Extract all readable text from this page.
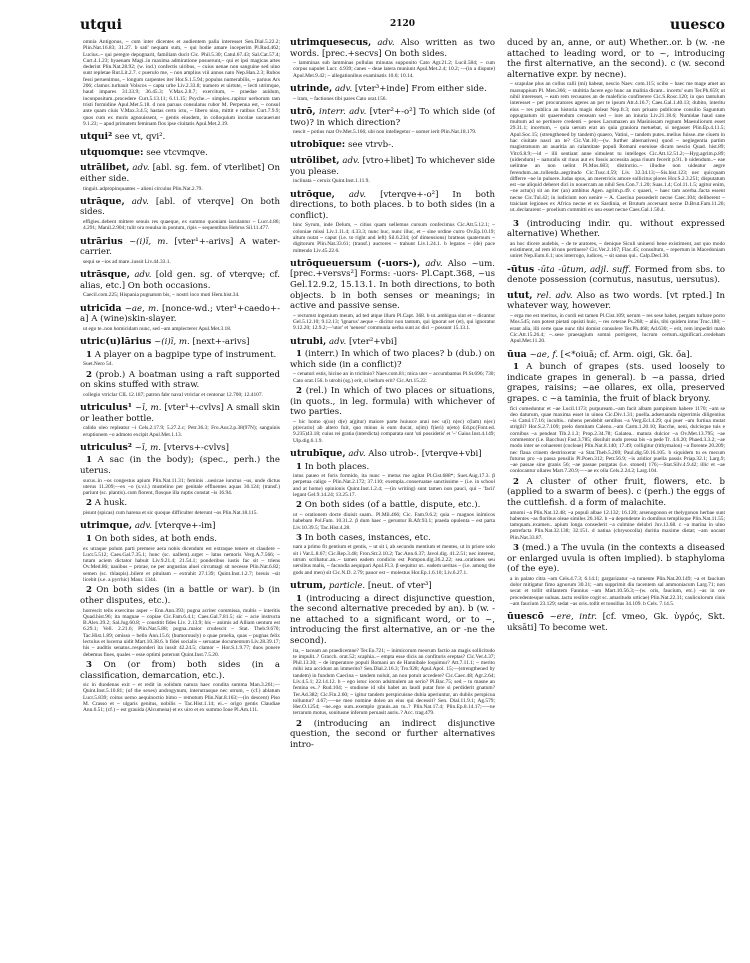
utqui	2120	uuesco
omnia Antigonus, ~ cum inter dicentes et audientem palla interesset Sen.Dial.5.22.2; Plin.Nat.16.83; 31.27. b sati' nequam sum, ~ qui hodie amare inceperim Pl.Rud.462; Lucius..~ qui peregre depugnarit, familiam ducit Cic. Phil.5.30; Catul.67.43; Sal.Cat.57.4; Curt.4.1.23; hyaenam Magi..in maxima admiratione posuerunt,~ qui et ipsi magicas artes dederint Plin.Nat.28.92; (w. ind.) confectis uiribus, ~ cuius uenae non sanguine sed uino sunt repletae Rut.Lit.2.7. c puerulo me, ~ non amplius viii annos nato Nep.Han.2.3; Rubos fessi peruenimus, ~ longum carpentes iter Hor.S.1.5.94; populus numerabilis, ~ paruus Ars 206; clamor..turbauit Volscos ~ capta urbe Liv.2.33.8; numero et uirtute, ~ lecti utrimque, haud impares 31.33.9; 36.45.3; V.Max.2.8.7; exercitum, ~ praedae auidum, inconpositum..procedere Curt.5.13.11; 6.11.15; Psyche..~ simplex..rapitur uerborum tam tristi formidine Apul.Met.5.18. d non paruus consulatus rubor M. Perpenna est, ~ consul ante quam ciuis V.Max.3.4.5; hastas certo ictu, ~ libero nisu, mittit e ratibus Curt.7.9.9; quos cum ex muris agnouissent, ~ gentis eiusdem, in colloquium incolae uocauerunt 9.1.23; ~ apud primatem feminam flos ipse ciuitatis Apul.Met.2.19.
utqui² see vt, qvi².
utquomque: see vtcvmqve.
utrālibet, adv. [abl. sg. fem. of vterlibet] On either side.
tinguit..adpropinquantes ~ alieni circulus Plin.Nat.2.79.
utrāque, adv. [abl. of vterqve] On both sides.
effigies..debent mittere senuis res quaeque, ex summo quoniam iaculantur ~ Lucr.4.86; 4.291; Manil.2.904; tulit ora reuulsa in pontum, ripis ~ sequentibus Hebrus Sil.11.477.
utrārius ~(i)ī, m. [vter¹+-arivs] A water-carrier.
sequi se ~ios ad mare..iussit Liv.44.33.1.
utrāsque, adv. [old gen. sg. of vterqve; cf. alias, etc.] On both occasions.
Caecil.com.225; Hispania pugnatum bis, ~ nostri loco moti Hem.hist.34.
utricīda ~ae, m. [nonce-wd.; vter¹+caedo+-a] A (wine)skin-slayer.
ut ego te..non homicidam nunc, sed ~am amplecterer Apul.Met.3.18.
utric(u)lārius ~(i)ī, m. [next+-arivs]
1 A player on a bagpipe type of instrument.
Suet.Nero 54.
2 (prob.) A boatman using a raft supported on skins stuffed with straw.
collegio vtriclar CIL 12.187; patron fabr naval vtriclar et centonar 12.700; 12.4107.
utriculus¹ ~ī, m. [vter¹+-cvlvs] A small skin or leather bottle.
calido oleo repleatur ~i Cels.2.17.9; 5.27.2.c; Petr.36.3; Fro.Aur.2.p.38(97N); sanguinis eruptionem ~o admoto excipit Apul.Met.1.13.
utriculus² ~ī, m. [vtervs+-cvlvs]
1 A sac (in the body); (spec., perh.) the uterus.
sucus..in ~os congestus apium Plin.Nat.11.31; feminis ..uesicae iunctus ~us, unde dictus uterus 11.209;—ex ~o (s.v.l.) mustelino per genitale effluentes aquas 30.124; (transf.) pariunt (sc. plantis)..cum florent, flosque illa ruptis constat ~is 16.94.
2 A husk.
pisunt (spicas) cum harena et sic quoque difficulter deterunt ~os Plin.Nat.18.115.
utrimque, adv. [vterqve+-im]
1 On both sides, at both ends.
ex utraque polum parti premere aera nobis dicendum est extraque tenere et claudere ~ Lucr.5.512; Caes.Gal.7.35.1; hunc (sc. uallem)..urget ~ latus nemoris Verg.A.7.566; ~ tutam aciem dictator habuit Liv.9.21.4; 21.54.1; ponderibus iustis fac sit ~ triens Ov.Med.86; nauibus ~ prorae, ne per angustias alueí circumagi sit necesse Plin.Nat.6.82; semen (sc. thlaspis)..bilem et pituitam ~ extrahit 27.139; Quint.Inst.1.2.7; breuis ~sit licebit (s.e. a pyrrhic) Maur. 1344.
2 On both sides (in a battle or war). b (in other disputes, etc.).
horrescit telis exercitus asper ~ Enn.Ann.393; pugna acriter commissa, multis ~ interitis Quad.hist.96; ita magnae ~ copiae Cic.Fam.6.4.1; Caes.Gal.7.81.5; sic ~ acie instructa B.Alex.39.2; Sal.Jug.60.8; ~ constitit fides Liv. 2.13.9; his ~ animis ad Alliam uentum est 6.29.1; Vell. 2.21.6; Plin.Nat.5.88; pugna..maior crudescit ~ Stat. Theb.9.670; Tac.Hist.1.89; omisso ~ bello Ann.15.6; (humorously) o quae proelia, quas ~ pugnas felix lectulus et lucerna uidit Mart.10.38.6. b fidei socialis ~ seruatae documentum Liv.28.39.17; his ~ auditis senatus..responderi ita iussit 42.24.5; clamor ~ Hor.S.1.9.77; duos ponere debemus fines, quales ~ esse optimi poterunt Quint.Inst.7.5.20.
3 On (or from) both sides (in a classification, demarcation, etc.).
sic in duodenas exit ~ et redit in solidum natura haec condita summa Man.3.261;—Quint.Inst.5.10.81; (of the sexes) androgynum, interutrasque nec utrum, ~ (cf.) ablatum Lucr.5.839; coitus uerno aequinoctio bimo ~ remotum Plin.Nat.8.163;—(in descent) Piso M. Crasso et ~ ulgaris genitus, nobilis ~ Tac.Hist.1.14; ei..~ origo gentis Claudiae Ann.6.51; (cf.) ~ est grauida (Alcumena) et ex uiro et ex summo Ioue Pl.Am.111.
utrimquesecus, adv. Also written as two words. [prec.+secvs] On both sides.
~ lamminas sub lamminas pollulas minutas supponito Cato Agr.21.2; Lucil.584; ~ cum corpus uapulet Lucr. 4.939; canes ~ deae latera muniunt Apul.Met.2.4; 10.2; —(in a dispute) Apul.Met.9.42; ~ allegationibus examinatis 10.6; 10.14.
utrinde, adv. [vter³+inde] From either side.
~ iram, ~ factiones tibi pares Cato orat.156.
utrō, interr. adv. [vter²+-o²] To which side (of two)? in which direction?
nescit ~ potius ruat Ov.Met.5.166; ubi non intellegetur ~ uomer ierit Plin.Nat.18.179.
utrobīque: see vtrvb-.
utrōlibet, adv. [vtro+libet] To whichever side you please.
inclinata ~ ceruix Quint.Inst.1.11.9.
utrōque, adv. [vterqve+-o²] In both directions, to both places. b to both sides (in a conflict).
hinc Syrum, inde Delum, ~ citius quam uellemus cursum confecimus Cic.Att.5.12.1; ~ coloniae missi Liv.1.11.4; 4.33.3; nunc huc, nunc illuc, et ~ sine ordine curro Ov.Ep.10.19; altum nutat ~ caput (i.e. to right and left) Sil.6.234; (of dimensions) bratteas quaternum ~ digitorum Plin.Nat.33.61; (transf.) auctores ~ trahunt Liv.1.24.1. b legatos ~ (de) pace mittendo Liv.45.22.6.
utrōqueuersum (-uors-), adv. Also ~um. [prec.+versvs²] Forms: -uors- Pl.Capt.368, ~us Gel.12.9.2, 15.13.1. In both directions, to both objects. b in both senses or meanings; in active and passive sense.
~ rectumst ingenium meum, ad ted atque illum Pl.Capt. 368. b ut..ambigua sint et ~ dicantur Gel.5.12.10; 9.12.13; 'ignarus' aeque ~ dicitur non tantum, qui ignorat set (et), qui ignoratur 9.12.20; 12.9.2;—'utor' et 'ueneor' communia uerba sunt ac dici ~ possunt 15.13.1.
utrubi, adv. [vter²+vbi]
1 (interr.) In which of two places? b (dub.) on which side (in a conflict)?
~ cenaturi estis, hicine an in triclinio? Naev.com.81; mica uter ~ accumbamus Pl.St.696; 730; Cato orat.156. b utrobi (sg.) erit, si bellum erit? Cic.Att.15.22.
2 (rel.) In which of two places or situations, (in quots., in leg. formula) with whichever of two parties.
~ hic homo q(uo) d(e) a(gitur) maiore parte huiusce anni nec u(i) n(ec) c(lam) n(ec) p(recario) ab altero fuit, quo minus is eum ducat, u(im) f(ieri) u(eto) Ed.pr.(Font.ed. 9.235)43.18; cuius rei gratia (interdicta) comparata sunt 'uti possidetis' et '~' Gaius Inst.4.149; Ulp.dig.6.1.9.
utrubīque, adv. Also utrob-. [vterqve+vbi]
1 In both places.
intus paueo et foris formido, ita nunc ~ metus me agitat Pl.Cist.688*; Suet.Aug.17.3. β perpetua caligo ~ Plin.Nat.2.172; 37.110; exempla..conseruatae sanctissime ~ (i.e. in school and at home) opinionis Quint.Inst.1.2.4; —(in writing) sunt tamen non pauci, qui ~ 'facii' legant Gel.9.14.24; 13.25.17.
2 On both sides (of a battle, dispute, etc.).
ut ~ orationem docte diuisit suam.. Pl.Mil.466; Cic. Fam.9.6.2; quia ~ magnos inimicos habebam Pol.Fam. 10.31.2. β dum haec ~ geruntur B.Afr.93.1; praeda opulenta ~ est parta Liv.10.39.5; Tac.Hist.4.28.
3 In both cases, instances, etc.
nam a primo fit gentium et gentis, ~ ut sit i, ab secundo mentium et mentes, ut in priore solo sit i Var.L.8.67; Cic.Rep.3.48; Fron.Str.2.10.2; Tac.Ann.6.37; Javol.dig. 41.2.51; nec interest, utrum scribatur..an..~ tamen eadem condicio est Pompon.dig.36.2.22; sea..orationes seu uersibus malis, ~ facundia aequipari Apul.Fl.3. β sequitur ut.. eadem ueritas ~ (i.e. among the gods and men) sit Cic.N.D. 2.79; pauor est ~ molestus Hor.Ep.1.6.10; Liv.6.27.1.
utrum, particle. [neut. of vter³]
1 (introducing a direct disjunctive question, the second alternative preceded by an). b (w. -ne attached to a significant word, or to ~, introducing the first alternative, an or -ne the second).
ita, ~ taceam an praedicemne? Ter.Eu.721; ~ inimicorum meorum factio an magis sollicitudo te impulit..? Gracch. orat.52; scaphia..~ empta esse dicis an confituris ereptas? Cic.Ver.4.37; Phil.13.30; ~ de imperatore populi Romani an de Hannibale loquimur? Att.7.11.1; ~ merito mihi ista accidunt an immerito? Sen.Dial.2.16.3; Tro.928; Apul.Apol. 15;—(strengthened by tandem) in fundum Caecina ~ tandem noluit, an non potuit accedere? Cic.Caec.48; Agr.2.64; Liv.4.5.1; 22.14.12. b ~ ego istuc iocon adsimulem an serio? Pl.Bac.75; sed ~ tu masne an femina es..? Rud.104; ~ studione id sibi habet an laudi putat fore si perdiderit gnatum? Ter.Ad.382; Cic.Fin.2.60; ~ igitur tandem perspicuisne dubia aperiuntur, an dubiis perspicua tolluntur? 4.67;—~ne meo nomine doleo an eius qui decessit? Sen. Dial.11.9.1; Ag.579; Her.O.1254; ~ne..ego sum..exemplo grauis..an tu..? Plin.Nat.17.4; Plin.Ep.8.14.17;—~ne terrarum motus, sonitusne inferum peruasit auris..? Acc. trag.479.
2 (introducing an indirect disjunctive question, the second or further alternatives intro-
duced by an, anne, or aut) Whether..or. b (w. -ne attached to leading word, or to ~, introducing the first alternative, an the second). c (w. second alternative expr. by necne).
~ scapulae plus an collus calli (mi) habeat, nescio Naev. com.115; scibo ~ haec me mage amet an marsuppium Pl. Men.366; ~ stultitia facere ego hunc an malitia dicam.. incertu' sum Ter.Ph.659; ut nihil interesset, ~ eam rem recusares an de maleficio confiterere Cic.S.Rosc.120; in quo tantulum interesset ~ per procuratores ageres an per te ipsum Att.4.16.7; Caes.Gal.1.40.13; dubito, interitu eius ~ res publica an historia magis doleat Nep.fr.3; non priuato publicone consilio Saguntum oppugnatum sit quaerendum censeam sed ~ iure an iniuria Liv.21.18.6; Numidae haud sane multum ad se pertinere credenti ~ penes Lacumazen an Masinissam regnum Maesuliorum esset 29.31.1; incertum, ~ quia uerum erat an quia grauiora metuebat, si negasset Plin.Ep.4.11.5; Apul.Soc.15; (strengthened by tandem) quaero, Vatini, ~ tandem putes..melius fuisse..me ciuem in hac ciuitate nasci an te? Cic.Vat.10;—(w. further alternatives) quod ~ neglegentia partim magistratuum an auaritia an calamitate populi Romani euenisse dicam nescio Quad. hist.89; Vitr.6.8.9;—id ~ illi sentiant anne simulent tu intelleges Cic.Att.12.51.2;—Hyg.agrim.p.89; (uidendum) ~ naturalis sit riuus aut ex fossis accessita aqua riuum fecerit p.91. b uidendum..~ eae uelintne an non uelint Pl.Mos.683; distinctio..~ illudne non uideatur aegre ferendum..an..tollenda..aegritudo Cic.Tusc.4.59; Liv. 32.34.13;—Sis.hist.123; nec quicquam differre ~ne in puluere..ludas opus, an meretricis amore sollicitus plores Hor.S.2.3.251; disputatum est ~ne aliquid deberet dici in nouercam an nihil Sen.Con.7.1.20; Suas.1.4; Col.11.1.5; agitur enim, ~ne actu(s) sit an iter (an) ambitus Agen. agrim.p.49. c quaeri, ~ haec tam acerba..facta essent necne Cic.Tul.42; in iudicium non uenire ~ A. Caecina possederit necne Caec.104; deliberent ~ traiciant legiones ex Africa necne et ex Sardinia, et Brutum accersant necne D.Brut.Fam.11.26; ut..declararent ~ proelium committi ex usu esset necne Caes.Gal.1.50.4.
3 (introducing indir. qu. without expressed alternative) Whether.
an hoc dicere audebis, ~ de te aratores, ~ denique Siculi uniuersi bene existiment, aut quo modo existiment, ad rem id non pertinere? Cic.Ver.2.167; Flac.45; consultum, ~ repertum in Macedoniam uniret Nep.Eum.6.1; uos interrogo, iudices, ~ sit sanus qui.. Calp.Decl.30.
-ūtus -ūta -ūtum, adjl. suff. Formed from sbs. to denote possession (cornutus, nasutus, uersutus).
utut, rel. adv. Also as two words. [vt rpted.] In whatever way, however.
~ erga me est meritus, in cordi est tamen Pl.Cist.109; uerum ~ res sese habet, pergam turbare porro Mos.545; non potest pietati opsisti huic, ~ res ceterae Ps.268; ~ aliis, tibi quidem intus Truc.188; ~ erant alia, illi certe quae nunc tibi domist consulere Ter.Ph.468; Ad.630; ~ erit, rem impediri malo Cic.Att.15.26.4; ~..sese praesagium somni porrigeret, lucrum certum..significari..credebam Apul.Met.11.20.
ūua ~ae, f. [<*oiuā; cf. Arm. oigi, Gk. őa].
1 A bunch of grapes (sts. used loosely to indicate grapes in general). b ~a passa, dried grapes, raisins; ~ae ollares, ex olla, preserved grapes. c ~a taminia, the fruit of black bryony.
fici comeduntur et ~ae Lucil.1173; purpuream..~am facit albam pampinum habere 1170; ~am se deo daturum, quae maxima esset in uinea Cic.Div.1.31; puella..adseruanda nigerrimis diligentius ~is Catul.17.16; incultis.. rubens pendebit sentibus ~a Verg.Ecl.4.29; qui puer ~am furtiua mutat strigili? Hor.S.2.7.109; prelo domitam Caleno..~am Carm.1.20.10; Bacche, ueni, dulcisque tuis e cornibus ~a pendeat Tib.2.1.3; Prop.2.34.78; Galatea.. matura dulcior ~a Ov.Met.13.795; ~ae commentor (i.e. Bacchus) Fast.3.785; dissiluit nudo pressa bis ~a pede Tr. 4.6.20; Phaed.3.3.2; ~ae modo inter se cohaerent (cocleae) Plin.Nat.8.140; 17.49; colligitur (tithymalon) ~a florente 20.209; nec flaua crinem destrinxerat ~a Stat.Theb.5.269; Paul.dig.50.16.105. b siquidem tu es mecum futurus pro ~a passa pensilis Pl.Poen.312; Petr.56.9; ~is aridior puella passis Priap.32.1; Larg.9; ~ae passae sine granis 56; ~ae passae purgatas (i.e. stoned) 176;—Stat.Silv.4.9.42; illic et ~ae conlocantur ollares Mart.7.20.9;—~ae ex olla Cels.2.24.2; Larg.104.
2 A cluster of other fruit, flowers, etc. b (applied to a swarm of bees). c (perh.) the eggs of the cuttlefish. d a form of malachite.
amomi ~a Plin.Nat.12.48; ~a populi albae 12.132; 16.120; arsenogonon et thelygonon herbae sunt habentes ~as floribus oleae similes 26.162. b ~a dependente in domibus templisque Plin.Nat.11.55; tamquam..examen.. apium longa consederit ~a culmine delubri Juv.13.68. c ~a marina in ulno putrefacta Plin.Nat.32.138; 32.151. d natiua (chrysocolla) duritia maxime distat; ~am uocant Plin.Nat.33.87.
3 (med.) a The uvula (in the contexts a diseased or enlarged uvula is often implied). b staphyloma (of the eye).
a in palato citra ~am Cels.4.7.3; 6.14.1; gargarizatur ~a tumente Plin.Nat.20.149; ~a et faucium dolor mitigatur fimo agnorum 30.31; ~am supprimit diu tacentem sal ammoniacum Larg.71; non secat et tollit stillantem Fannius ~am Mart.10.56.3;—(w. oris, faucium, etc.) ~as in ore procedentesque uuluas..tactu resilire cogit sc. amaritudo urticae) Plin.Nat.22.31; cauliculorum cinis ~am faucium 23.129; sedat ~as oris..tollit et tonsillas 34.109. b Cels. 7.14.5.
ūuescō ~ere, intr. [cf. vmeo, Gk. ὑγρός, Skt. uksāti] To become wet.
